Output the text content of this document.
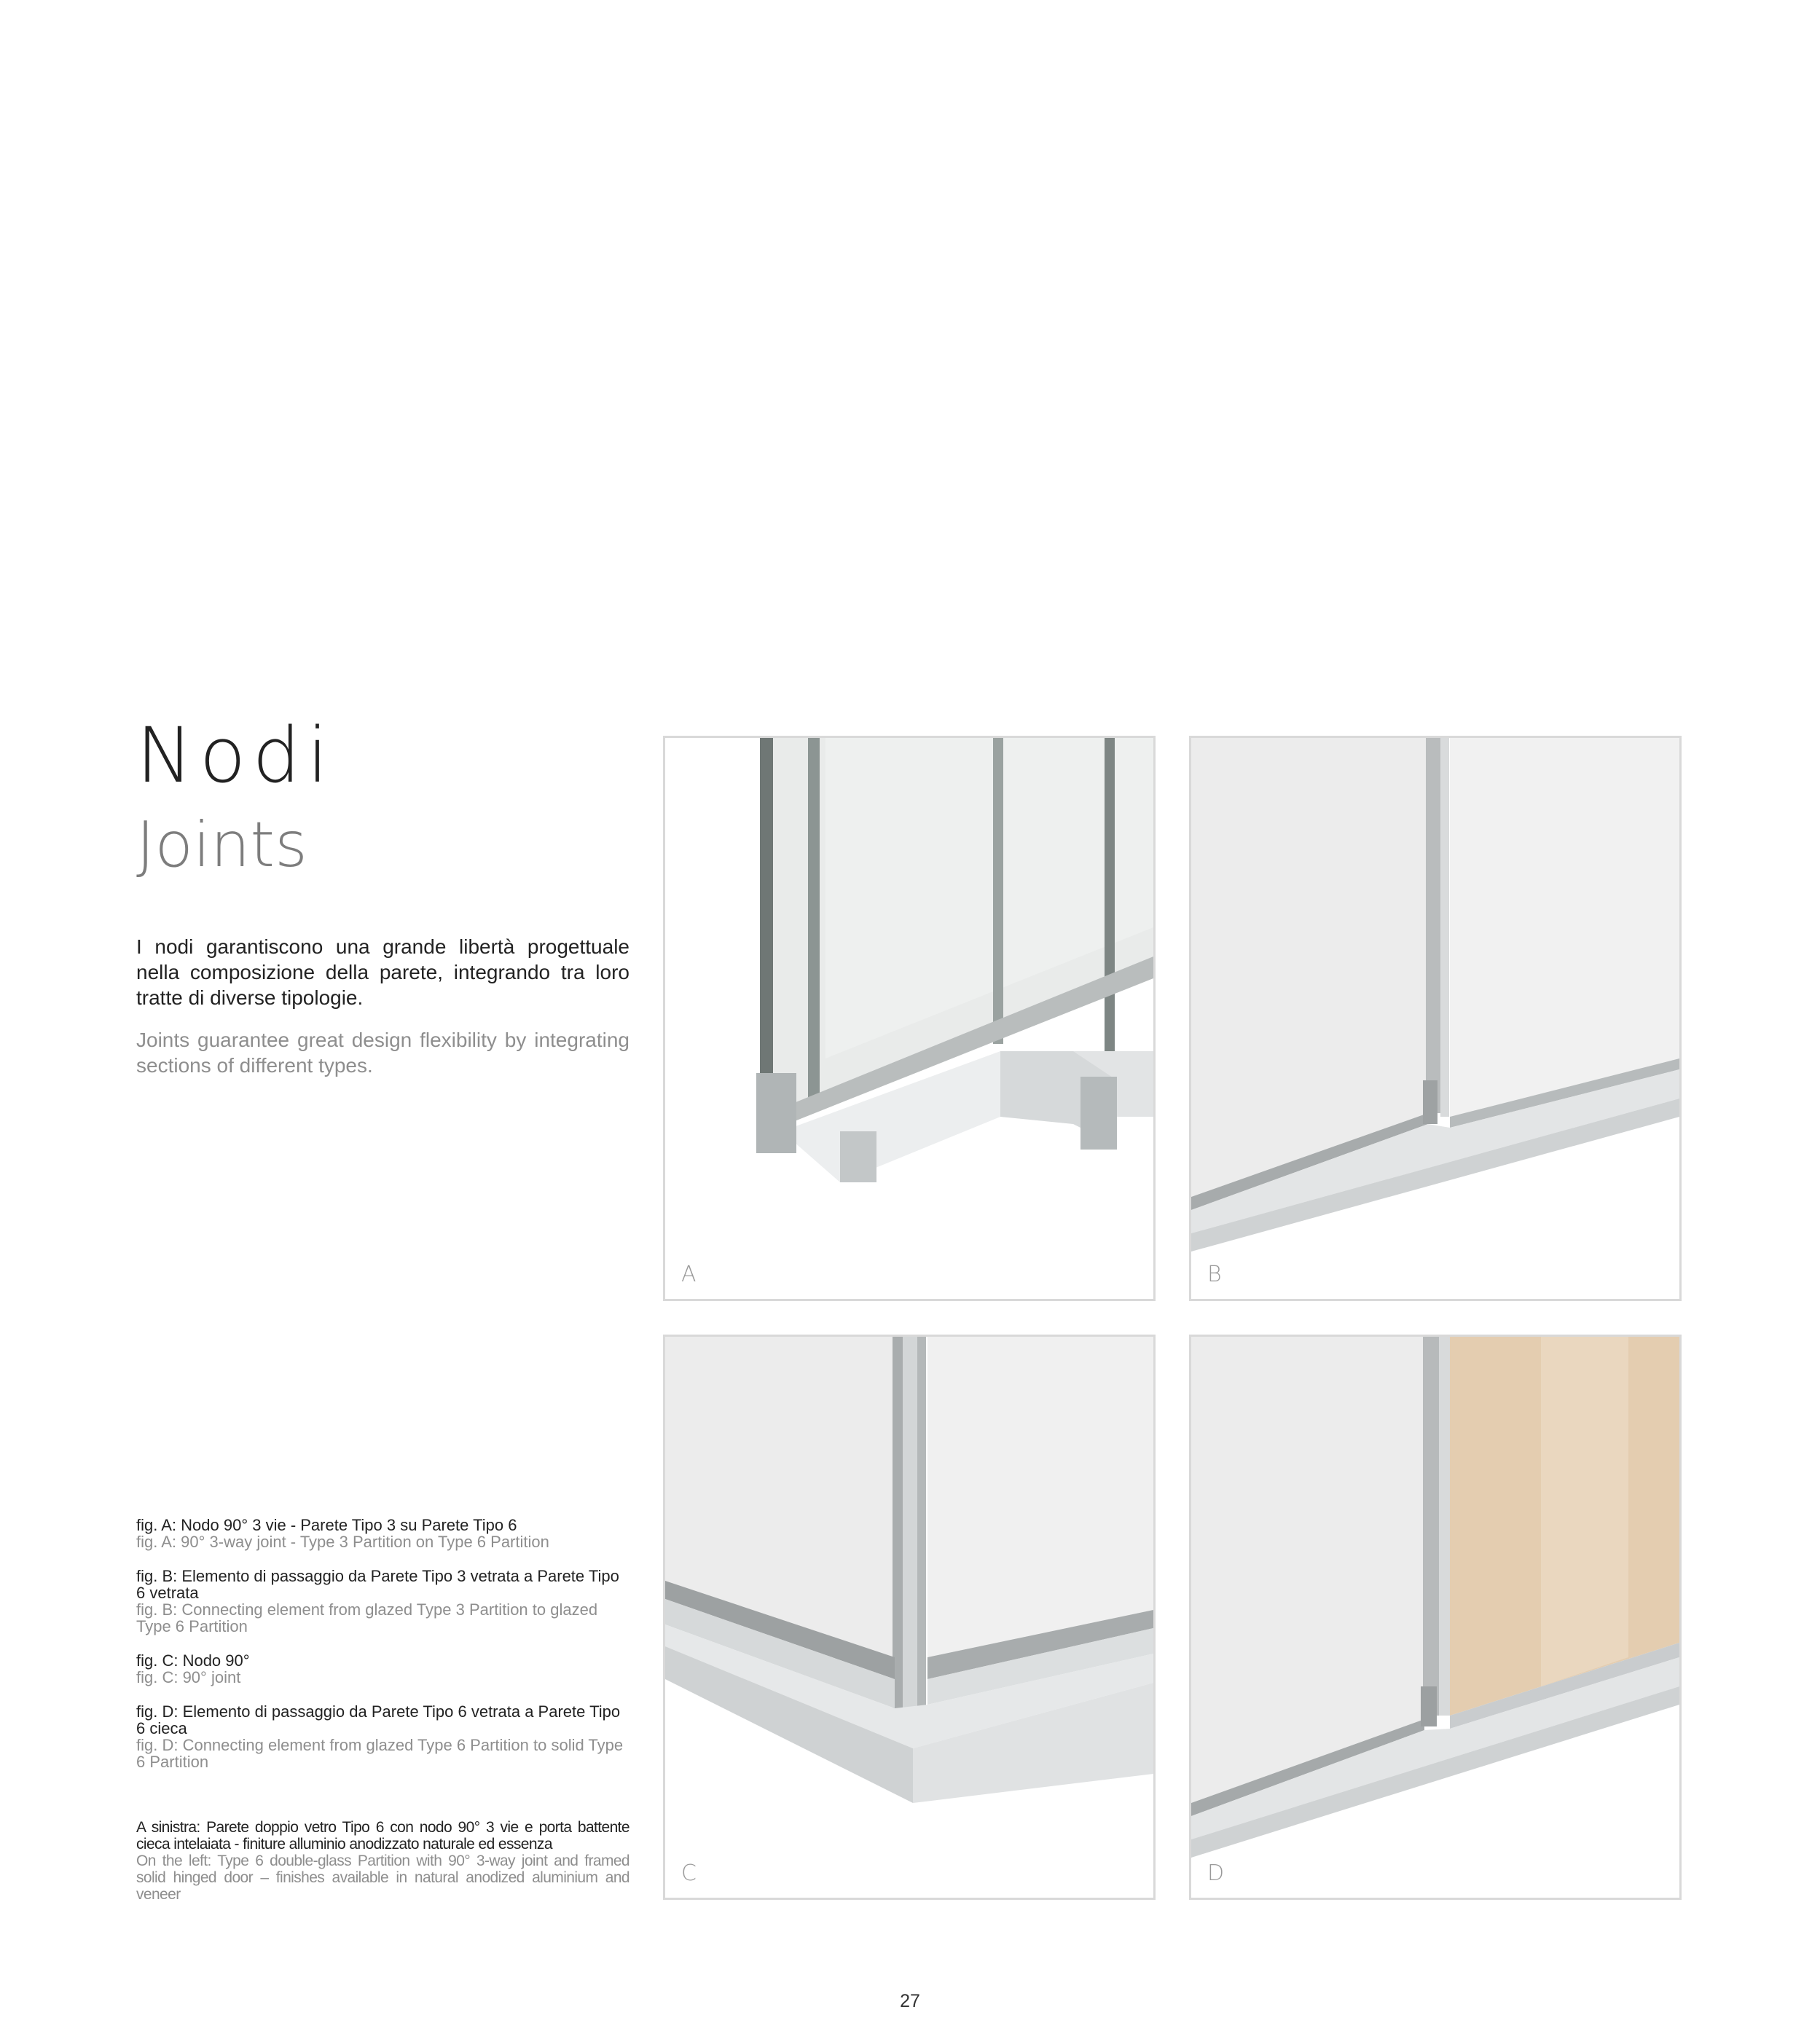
Nodi
Joints

I nodi garantiscono una grande libertà progettuale nella composizione della parete, integrando tra loro tratte di diverse tipologie.

Joints guarantee great design flexibility by integrating sections of different types.

fig. A: Nodo 90° 3 vie - Parete Tipo 3 su Parete Tipo 6
fig. A: 90° 3-way joint - Type 3 Partition on Type 6 Partition
fig. B: Elemento di passaggio da Parete Tipo 3 vetrata a Parete Tipo 6 vetrata
fig. B: Connecting element from glazed Type 3 Partition to glazed Type 6 Partition
fig. C: Nodo 90°
fig. C: 90° joint
fig. D: Elemento di passaggio da Parete Tipo 6 vetrata a Parete Tipo 6 cieca
fig. D: Connecting element from glazed Type 6 Partition to solid Type 6 Partition
A sinistra: Parete doppio vetro Tipo 6 con nodo 90° 3 vie e porta battente cieca intelaiata - finiture alluminio anodizzato naturale ed essenza
On the left: Type 6 double-glass Partition with 90° 3-way joint and framed solid hinged door – finishes available in natural anodized aluminium and veneer
A	B
C	D
27
